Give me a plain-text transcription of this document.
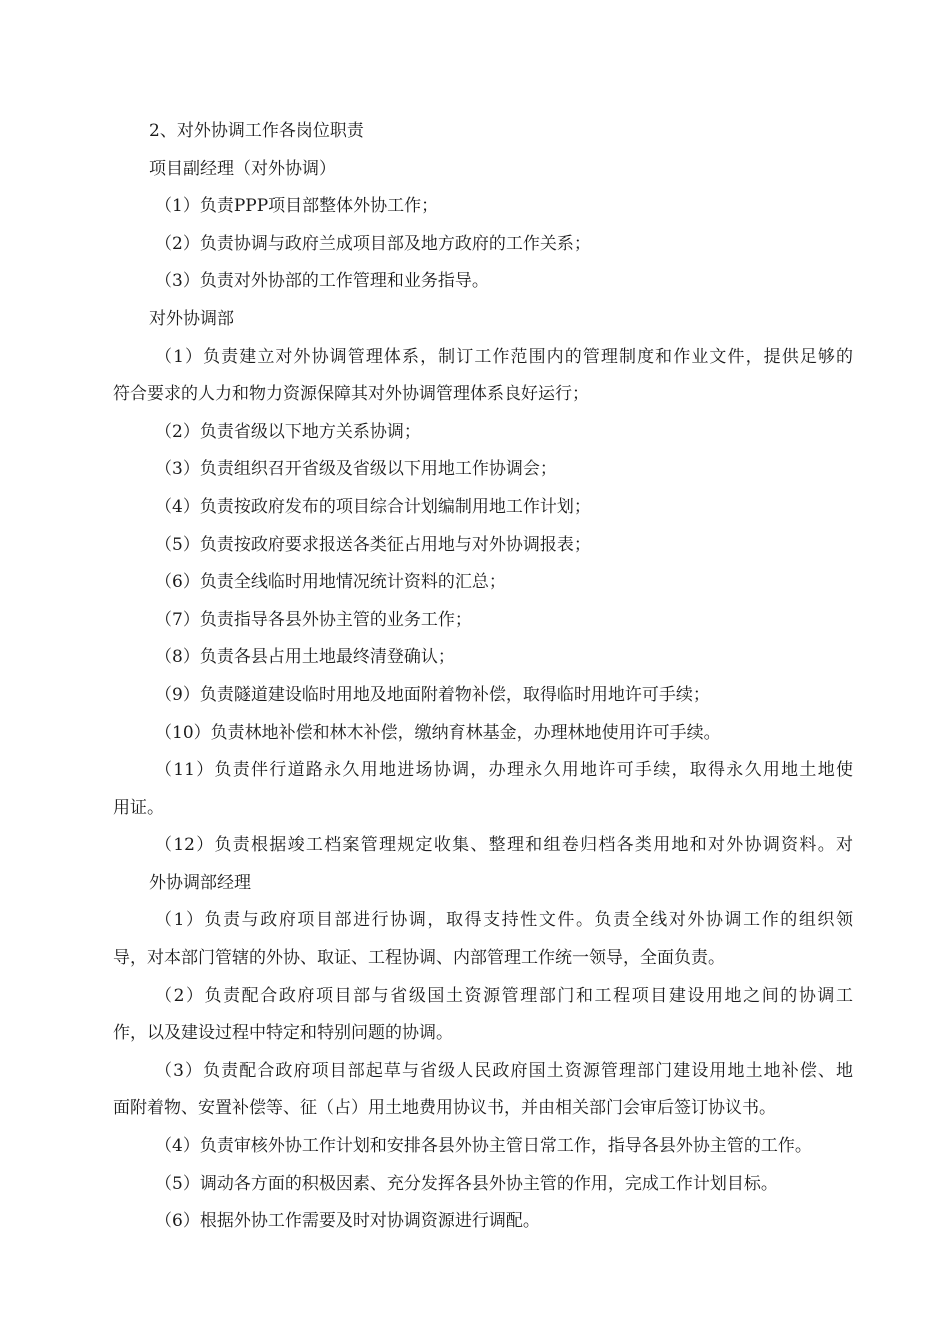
2、对外协调工作各岗位职责
项目副经理（对外协调）
（1）负责PPP项目部整体外协工作；
（2）负责协调与政府兰成项目部及地方政府的工作关系；
（3）负责对外协部的工作管理和业务指导。
对外协调部
（1）负责建立对外协调管理体系，制订工作范围内的管理制度和作业文件，提供足够的
符合要求的人力和物力资源保障其对外协调管理体系良好运行；
（2）负责省级以下地方关系协调；
（3）负责组织召开省级及省级以下用地工作协调会；
（4）负责按政府发布的项目综合计划编制用地工作计划；
（5）负责按政府要求报送各类征占用地与对外协调报表；
（6）负责全线临时用地情况统计资料的汇总；
（7）负责指导各县外协主管的业务工作；
（8）负责各县占用土地最终清登确认；
（9）负责隧道建设临时用地及地面附着物补偿，取得临时用地许可手续；
（10）负责林地补偿和林木补偿，缴纳育林基金，办理林地使用许可手续。
（11）负责伴行道路永久用地进场协调，办理永久用地许可手续，取得永久用地土地使
用证。
（12）负责根据竣工档案管理规定收集、整理和组卷归档各类用地和对外协调资料。对
外协调部经理
（1）负责与政府项目部进行协调，取得支持性文件。负责全线对外协调工作的组织领
导，对本部门管辖的外协、取证、工程协调、内部管理工作统一领导，全面负责。
（2）负责配合政府项目部与省级国土资源管理部门和工程项目建设用地之间的协调工
作，以及建设过程中特定和特别问题的协调。
（3）负责配合政府项目部起草与省级人民政府国土资源管理部门建设用地土地补偿、地
面附着物、安置补偿等、征（占）用土地费用协议书，并由相关部门会审后签订协议书。
（4）负责审核外协工作计划和安排各县外协主管日常工作，指导各县外协主管的工作。
（5）调动各方面的积极因素、充分发挥各县外协主管的作用，完成工作计划目标。
（6）根据外协工作需要及时对协调资源进行调配。
